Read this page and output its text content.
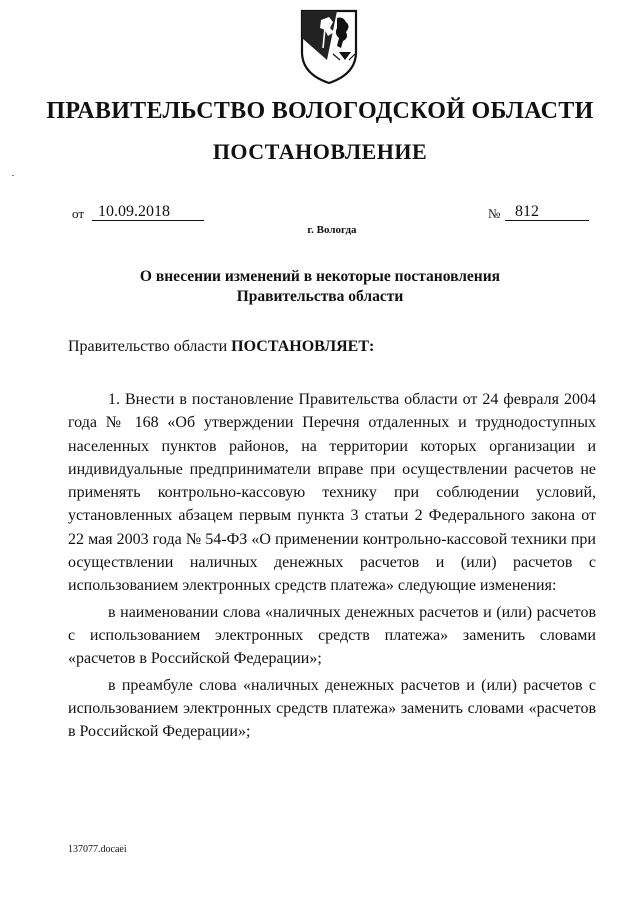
ПРАВИТЕЛЬСТВО ВОЛОГОДСКОЙ ОБЛАСТИ
ПОСТАНОВЛЕНИЕ
от 10.09.2018	№ 812
г. Вологда
О внесении изменений в некоторые постановления
Правительства области
Правительство области ПОСТАНОВЛЯЕТ:

1. Внести в постановление Правительства области от 24 февраля 2004 года № 168 «Об утверждении Перечня отдаленных и труднодоступных населенных пунктов районов, на территории которых организации и индивидуальные предприниматели вправе при осуществлении расчетов не применять контрольно-кассовую технику при соблюдении условий, установленных абзацем первым пункта 3 статьи 2 Федерального закона от 22 мая 2003 года № 54-ФЗ «О применении контрольно-кассовой техники при осуществлении наличных денежных расчетов и (или) расчетов с использованием электронных средств платежа» следующие изменения:

в наименовании слова «наличных денежных расчетов и (или) расчетов с использованием электронных средств платежа» заменить словами «расчетов в Российской Федерации»;

в преамбуле слова «наличных денежных расчетов и (или) расчетов с использованием электронных средств платежа» заменить словами «расчетов в Российской Федерации»;

137077.docaei
